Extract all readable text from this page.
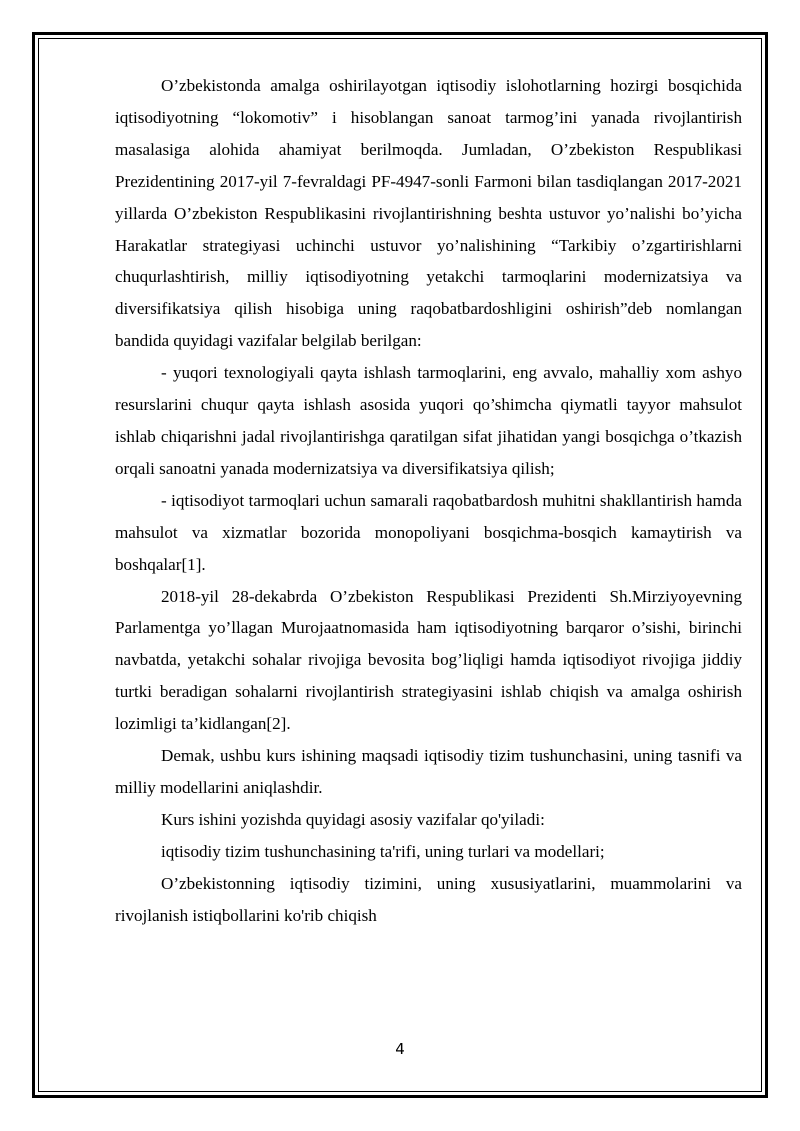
O’zbekistonda amalga oshirilayotgan iqtisodiy islohotlarning hozirgi bosqichida iqtisodiyotning “lokomotiv” i hisoblangan sanoat tarmog’ini yanada rivojlantirish masalasiga alohida ahamiyat berilmoqda. Jumladan, O’zbekiston Respublikasi Prezidentining 2017-yil 7-fevraldagi PF-4947-sonli Farmoni bilan tasdiqlangan 2017-2021 yillarda O’zbekiston Respublikasini rivojlantirishning beshta ustuvor yo’nalishi bo’yicha Harakatlar strategiyasi uchinchi ustuvor yo’nalishining “Tarkibiy o’zgartirishlarni chuqurlashtirish, milliy iqtisodiyotning yetakchi tarmoqlarini modernizatsiya va diversifikatsiya qilish hisobiga uning raqobatbardoshligini oshirish”deb nomlangan bandida quyidagi vazifalar belgilab berilgan:

- yuqori texnologiyali qayta ishlash tarmoqlarini, eng avvalo, mahalliy xom ashyo resurslarini chuqur qayta ishlash asosida yuqori qo’shimcha qiymatli tayyor mahsulot ishlab chiqarishni jadal rivojlantirishga qaratilgan sifat jihatidan yangi bosqichga o’tkazish orqali sanoatni yanada modernizatsiya va diversifikatsiya qilish;

- iqtisodiyot tarmoqlari uchun samarali raqobatbardosh muhitni shakllantirish hamda mahsulot va xizmatlar bozorida monopoliyani bosqichma-bosqich kamaytirish va boshqalar[1].

2018-yil 28-dekabrda O’zbekiston Respublikasi Prezidenti Sh.Mirziyoyevning Parlamentga yo’llagan Murojaatnomasida ham iqtisodiyotning barqaror o’sishi, birinchi navbatda, yetakchi sohalar rivojiga bevosita bog’liqligi hamda iqtisodiyot rivojiga jiddiy turtki beradigan sohalarni rivojlantirish strategiyasini ishlab chiqish va amalga oshirish lozimligi ta’kidlangan[2].

Demak, ushbu kurs ishining maqsadi iqtisodiy tizim tushunchasini, uning tasnifi va milliy modellarini aniqlashdir.

Kurs ishini yozishda quyidagi asosiy vazifalar qo'yiladi:

iqtisodiy tizim tushunchasining ta'rifi, uning turlari va modellari;

O’zbekistonning iqtisodiy tizimini, uning xususiyatlarini, muammolarini va rivojlanish istiqbollarini ko'rib chiqish

4
